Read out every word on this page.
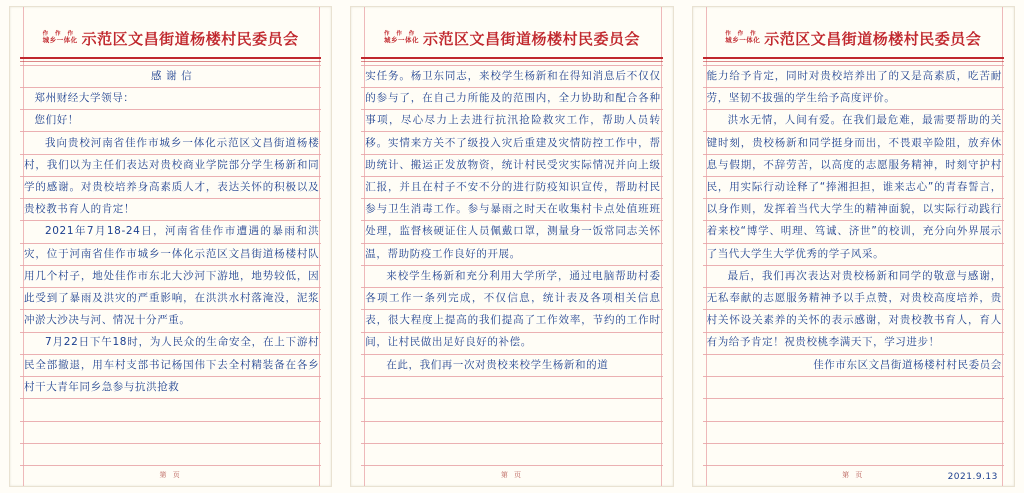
作 作 作
城乡一体化 示范区文昌街道杨楼村民委员会

感 谢 信

郑州财经大学领导：

您们好！

我向贵校河南省佳作市城乡一体化示范区文昌街道杨楼村，我们以为主任们表达对贵校商业学院部分学生杨新和同学的感谢。对贵校培养身高素质人才，表达关怀的积极以及贵校教书育人的肯定！

2021年7月18-24日，河南省佳作市遭遇的暴雨和洪灾，位于河南省佳作市城乡一体化示范区文昌街道杨楼村队用几个村子，地处佳作市东北大沙河下游地，地势较低，因此受到了暴雨及洪灾的严重影响，在洪洪水村落淹没，泥浆冲淤大沙决与河、情况十分严重。

7月22日下午18时，为人民众的生命安全，在上下游村民全部撤退，用车村支部书记杨国伟下去全村精装备在各乡村干大青年同乡急参与抗洪抢救

第 页
作 作 作
城乡一体化 示范区文昌街道杨楼村民委员会

实任务。杨卫东同志，来校学生杨新和在得知消息后不仅仅的参与了，在自己力所能及的范围内，全力协助和配合各种事项，尽心尽力上去进行抗汛抢险救灾工作，帮助人员转移。实情来方关不了级投入灾后重建及灾情防控工作中，帮助统计、搬运正发放物资，统计村民受灾实际情况并向上级汇报，并且在村子不安不分的进行防疫知识宣传，帮助村民参与卫生消毒工作。参与暴雨之时天在收集村卡点处值班班处理，监督核硬证住人员佩戴口罩，测量身一饭常同志关怀温，帮助防疫工作良好的开展。

来校学生杨新和充分利用大学所学，通过电脑帮助村委各项工作一条列完成，不仅信息，统计表及各项相关信息表，很大程度上提高的我们提高了工作效率，节约的工作时间，让村民做出足好良好的补偿。

在此，我们再一次对贵校来校学生杨新和的道

第 页
作 作 作
城乡一体化 示范区文昌街道杨楼村民委员会

能力给予肯定，同时对贵校培养出了的又是高素质，吃苦耐劳，坚韧不拔强的学生给予高度评价。

洪水无情，人间有爱。在我们最危难，最需要帮助的关键时刻，贵校杨新和同学挺身而出，不畏艰辛险阻，放弃休息与假期，不辞劳苦，以高度的志愿服务精神，时刻守护村民，用实际行动诠释了“捧湘担担，谁来志心”的青春誓言，以身作则，发挥着当代大学生的精神面貌，以实际行动践行着来校“博学、明理、笃诚、济世”的校训，充分向外界展示了当代大学生大学优秀的学子风采。

最后，我们再次表达对贵校杨新和同学的敬意与感谢，无私奉献的志愿服务精神予以手点赞，对贵校高度培养，贵村关怀设关素养的关怀的表示感谢，对贵校教书育人，育人有为给予肯定！祝贵校桃李满天下，学习进步！

佳作市东区文昌街道杨楼村村民委员会

第 页	2021.9.13
